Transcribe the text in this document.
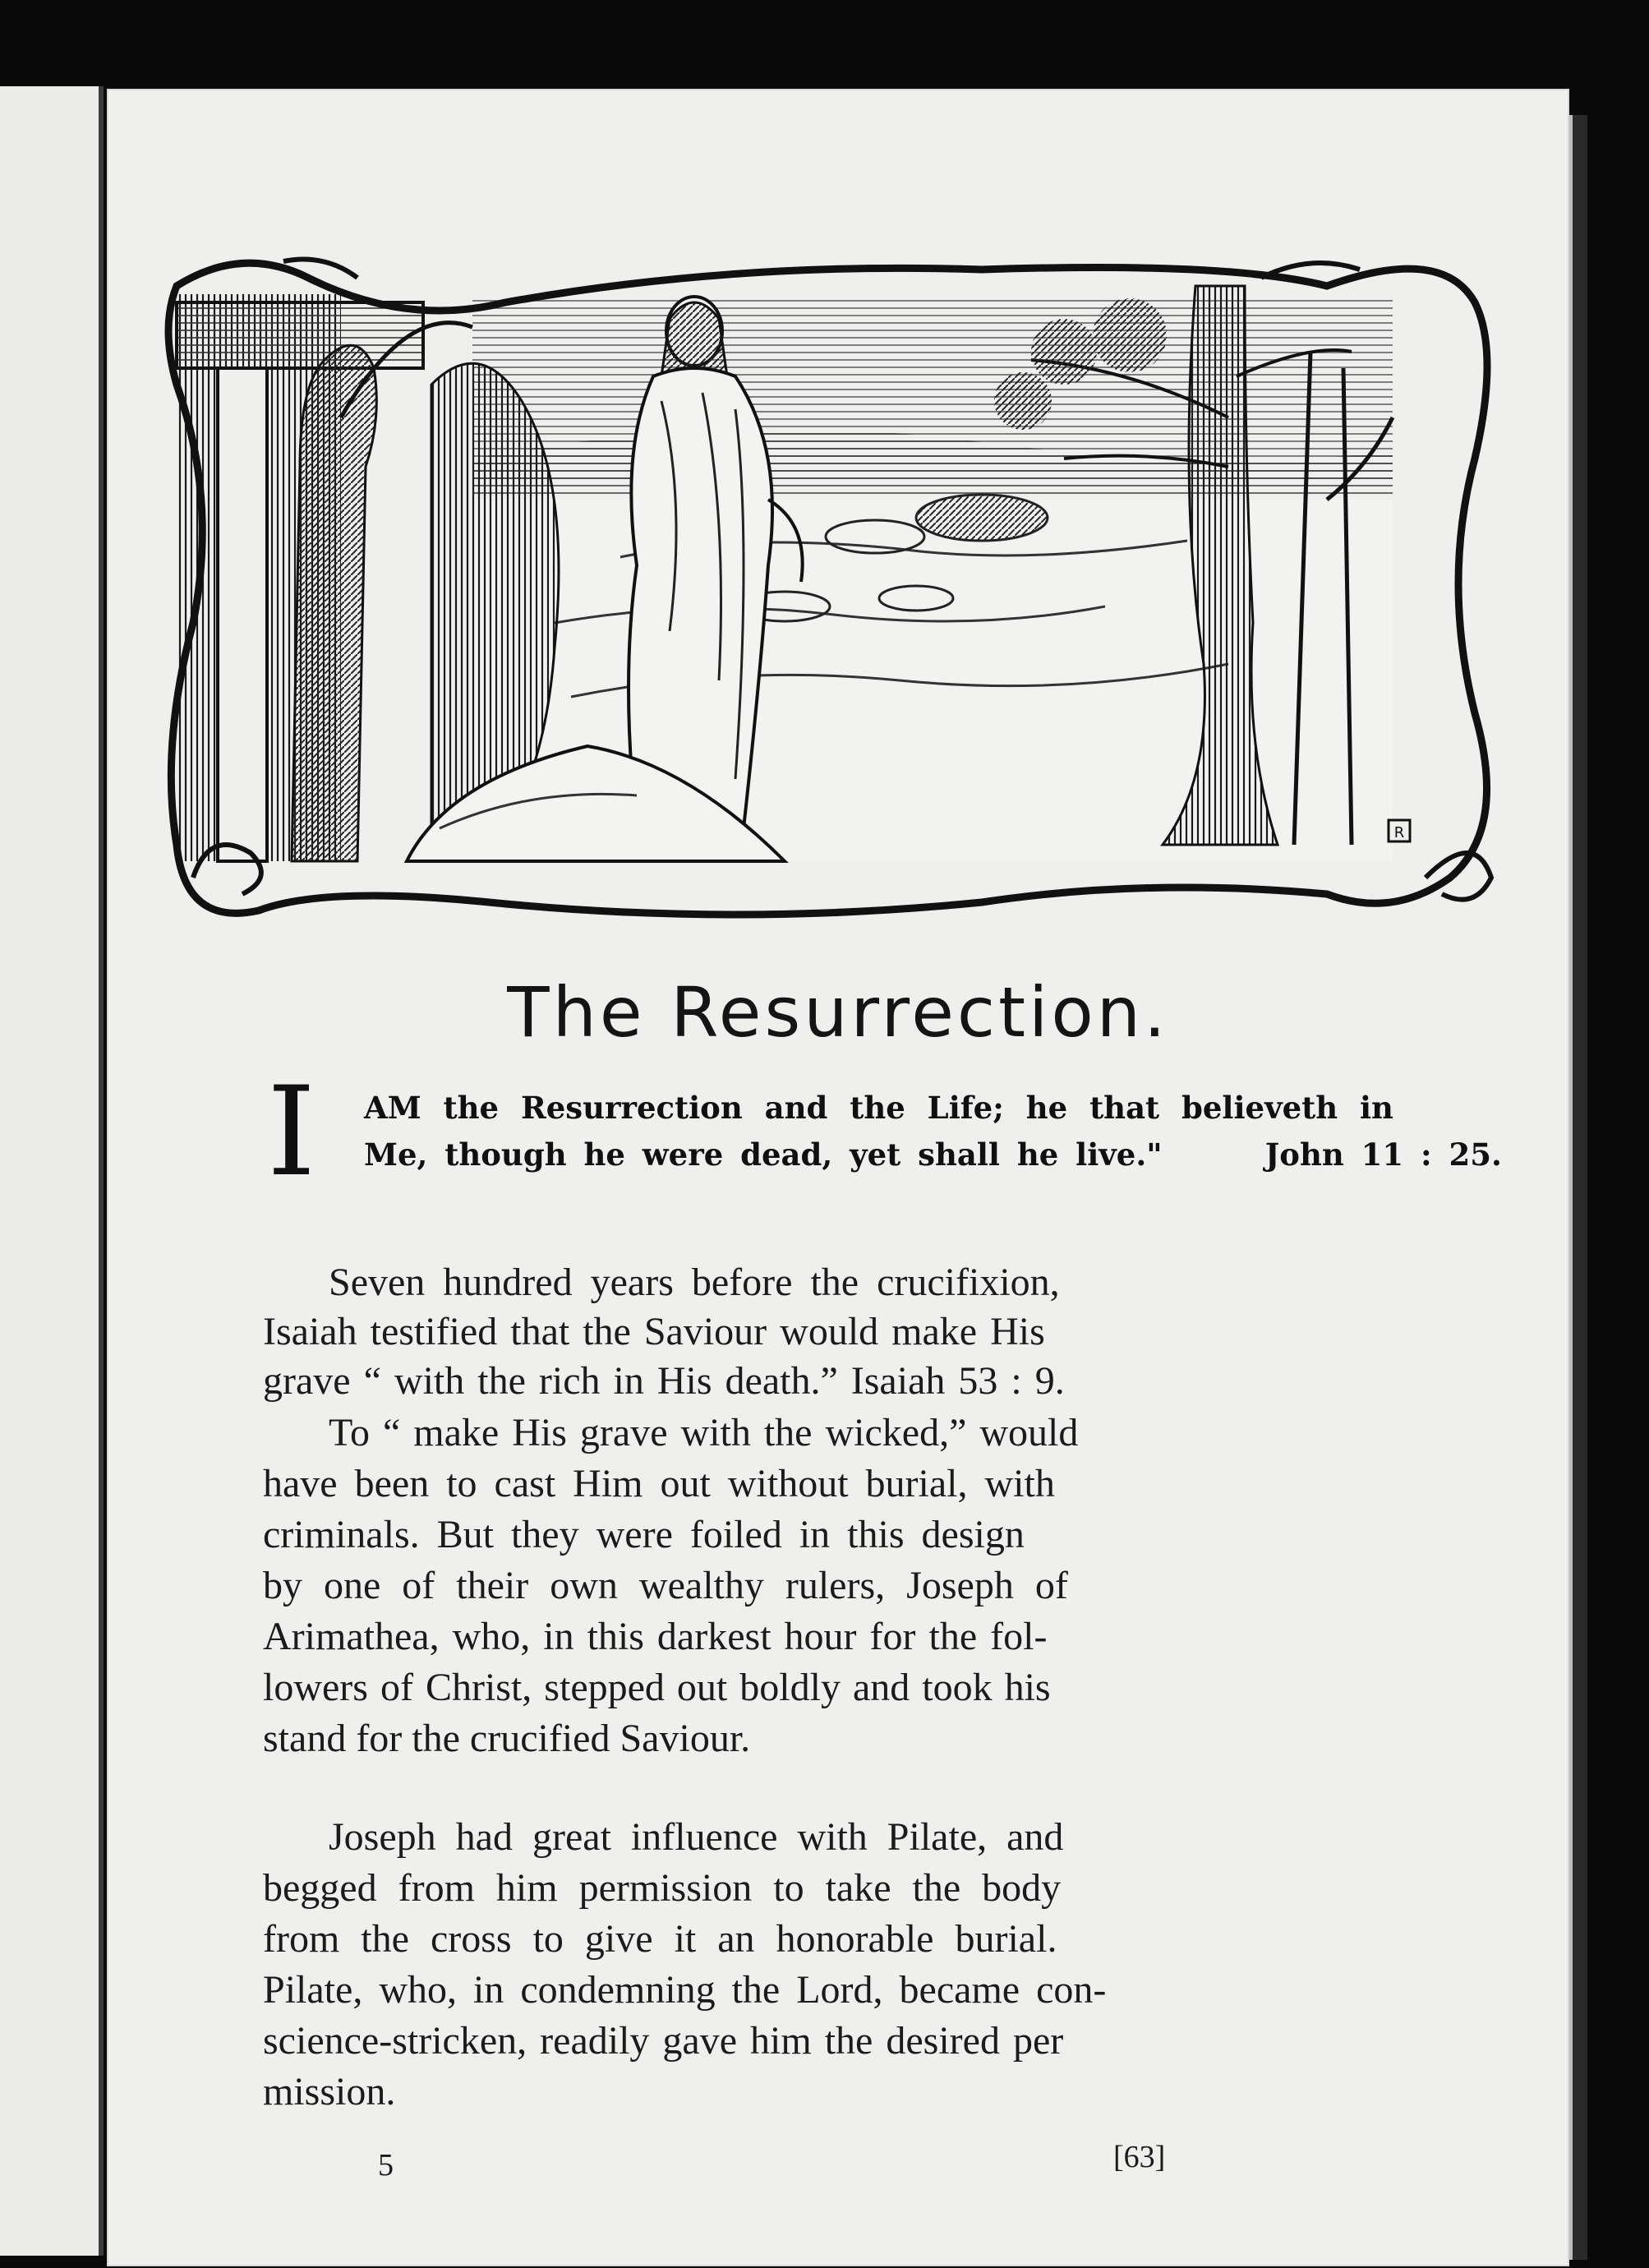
R
The Resurrection.
I AM the Resurrection and the Life; he that believeth in
Me, though he were dead, yet shall he live."	John 11 : 25.
Seven hundred years before the crucifixion,
Isaiah testified that the Saviour would make His
grave “ with the rich in His death.” Isaiah 53 : 9.
To “ make His grave with the wicked,” would
have been to cast Him out without burial, with
criminals. But they were foiled in this design
by one of their own wealthy rulers, Joseph of
Arimathea, who, in this darkest hour for the fol-
lowers of Christ, stepped out boldly and took his
stand for the crucified Saviour.
Joseph had great influence with Pilate, and
begged from him permission to take the body
from the cross to give it an honorable burial.
Pilate, who, in condemning the Lord, became con-
science-stricken, readily gave him the desired per
mission.
5	[63]
